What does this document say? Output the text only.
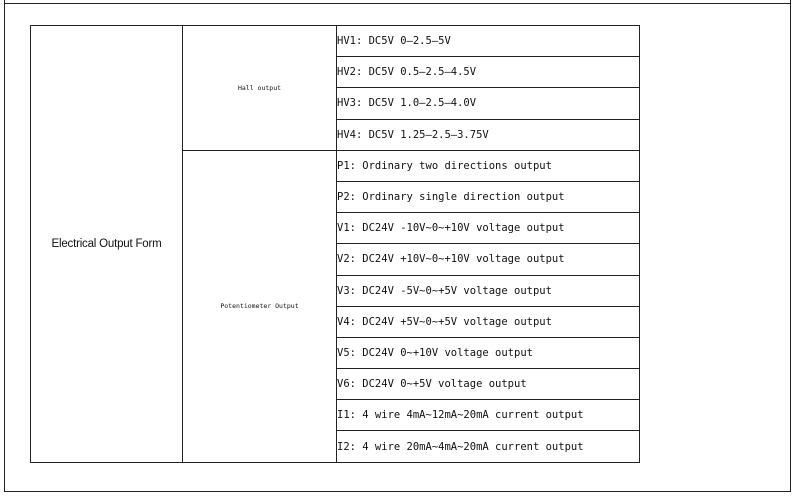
Electrical Output Form	Hall output	HV1: DC5V 0—2.5—5V
		HV2: DC5V 0.5—2.5—4.5V
		HV3: DC5V 1.0—2.5—4.0V
		HV4: DC5V 1.25—2.5—3.75V
	Potentiometer Output	P1: Ordinary two directions output
		P2: Ordinary single direction output
		V1: DC24V -10V~0~+10V voltage output
		V2: DC24V +10V~0~+10V voltage output
		V3: DC24V -5V~0~+5V voltage output
		V4: DC24V +5V~0~+5V voltage output
		V5: DC24V 0~+10V voltage output
		V6: DC24V 0~+5V voltage output
		I1: 4 wire 4mA~12mA~20mA current output
		I2: 4 wire 20mA~4mA~20mA current output
